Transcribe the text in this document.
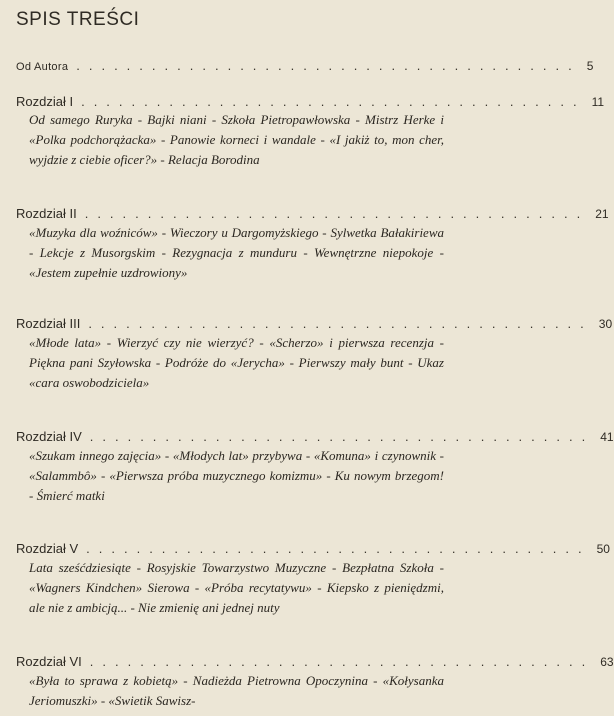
SPIS TREŚCI
Od Autora ........................................ 5
Rozdział I ........................................ 11
Od samego Ruryka - Bajki niani - Szkoła Pietropawłowska - Mistrz Herke i «Polka podchorążacka» - Panowie korneci i wandale - «I jakiż to, mon cher, wyjdzie z ciebie oficer?» - Relacja Borodina
Rozdział II ........................................ 21
«Muzyka dla woźniców» - Wieczory u Dargomyżskiego - Sylwetka Bałakiriewa - Lekcje z Musorgskim - Rezygnacja z munduru - Wewnętrzne niepokoje - «Jestem zupełnie uzdrowiony»
Rozdział III ........................................ 30
«Młode lata» - Wierzyć czy nie wierzyć? - «Scherzo» i pierwsza recenzja - Piękna pani Szyłowska - Podróże do «Jerycha» - Pierwszy mały bunt - Ukaz «cara oswobodziciela»
Rozdział IV ........................................ 41
«Szukam innego zajęcia» - «Młodych lat» przybywa - «Komuna» i czynownik - «Salammbô» - «Pierwsza próba muzycznego komizmu» - Ku nowym brzegom! - Śmierć matki
Rozdział V ........................................ 50
Lata sześćdziesiąte - Rosyjskie Towarzystwo Muzyczne - Bezpłatna Szkoła - «Wagners Kindchen» Sierowa - «Próba recytatywu» - Kiepsko z pieniędzmi, ale nie z ambicją... - Nie zmienię ani jednej nuty
Rozdział VI ........................................ 63
«Była to sprawa z kobietą» - Nadieżda Pietrowna Opoczynina - «Kołysanka Jeriomuszki» - «Swietik Sawisz-
